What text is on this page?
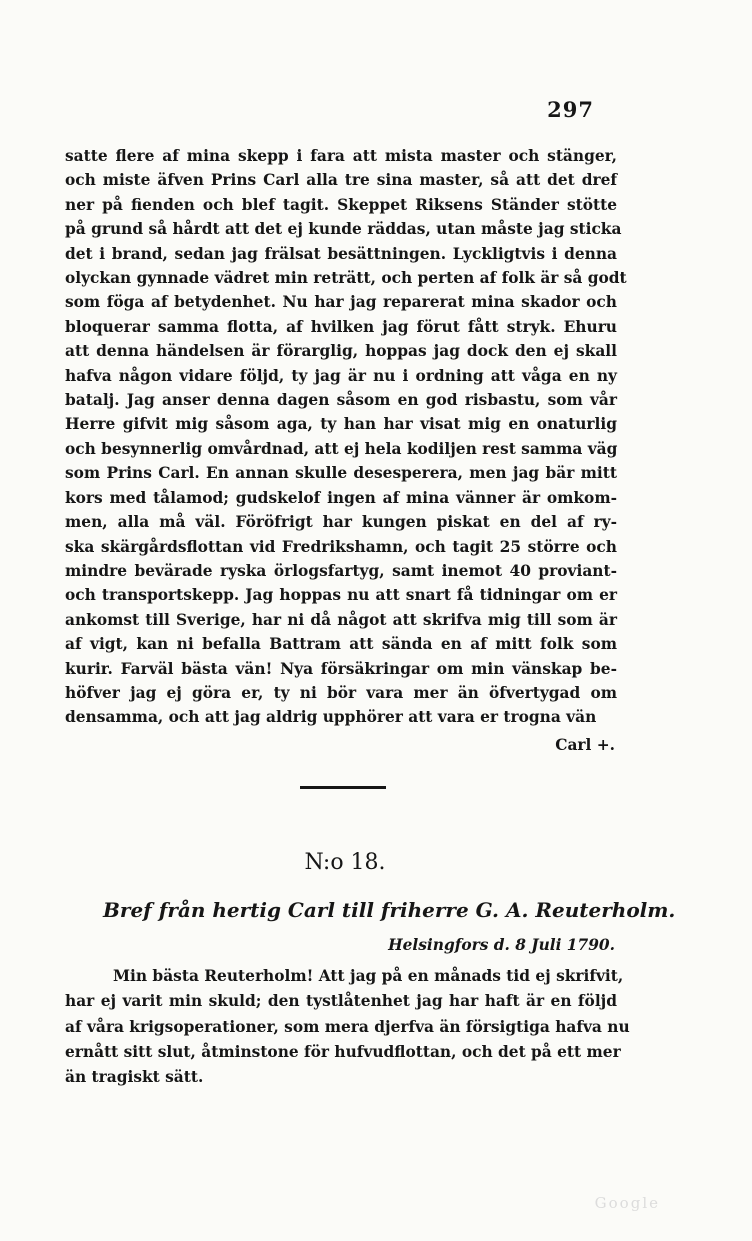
297
satte flere af mina skepp i fara att mista master och stänger,
och miste äfven Prins Carl alla tre sina master, så att det dref
ner på fienden och blef tagit. Skeppet Riksens Ständer stötte
på grund så hårdt att det ej kunde räddas, utan måste jag sticka
det i brand, sedan jag frälsat besättningen. Lyckligtvis i denna
olyckan gynnade vädret min reträtt, och perten af folk är så godt
som föga af betydenhet. Nu har jag reparerat mina skador och
bloquerar samma flotta, af hvilken jag förut fått stryk. Ehuru
att denna händelsen är förarglig, hoppas jag dock den ej skall
hafva någon vidare följd, ty jag är nu i ordning att våga en ny
batalj. Jag anser denna dagen såsom en god risbastu, som vår
Herre gifvit mig såsom aga, ty han har visat mig en onaturlig
och besynnerlig omvårdnad, att ej hela kodiljen rest samma väg
som Prins Carl. En annan skulle desesperera, men jag bär mitt
kors med tålamod; gudskelof ingen af mina vänner är omkom-
men, alla må väl. Föröfrigt har kungen piskat en del af ry-
ska skärgårdsflottan vid Fredrikshamn, och tagit 25 större och
mindre bevärade ryska örlogsfartyg, samt inemot 40 proviant-
och transportskepp. Jag hoppas nu att snart få tidningar om er
ankomst till Sverige, har ni då något att skrifva mig till som är
af vigt, kan ni befalla Battram att sända en af mitt folk som
kurir. Farväl bästa vän! Nya försäkringar om min vänskap be-
höfver jag ej göra er, ty ni bör vara mer än öfvertygad om
densamma, och att jag aldrig upphörer att vara er trogna vän
Carl +.
N:o 18.
Bref från hertig Carl till friherre G. A. Reuterholm.
Helsingfors d. 8 Juli 1790.
Min bästa Reuterholm! Att jag på en månads tid ej skrifvit,
har ej varit min skuld; den tystlåtenhet jag har haft är en följd
af våra krigsoperationer, som mera djerfva än försigtiga hafva nu
ernått sitt slut, åtminstone för hufvudflottan, och det på ett mer
än tragiskt sätt.
Google
